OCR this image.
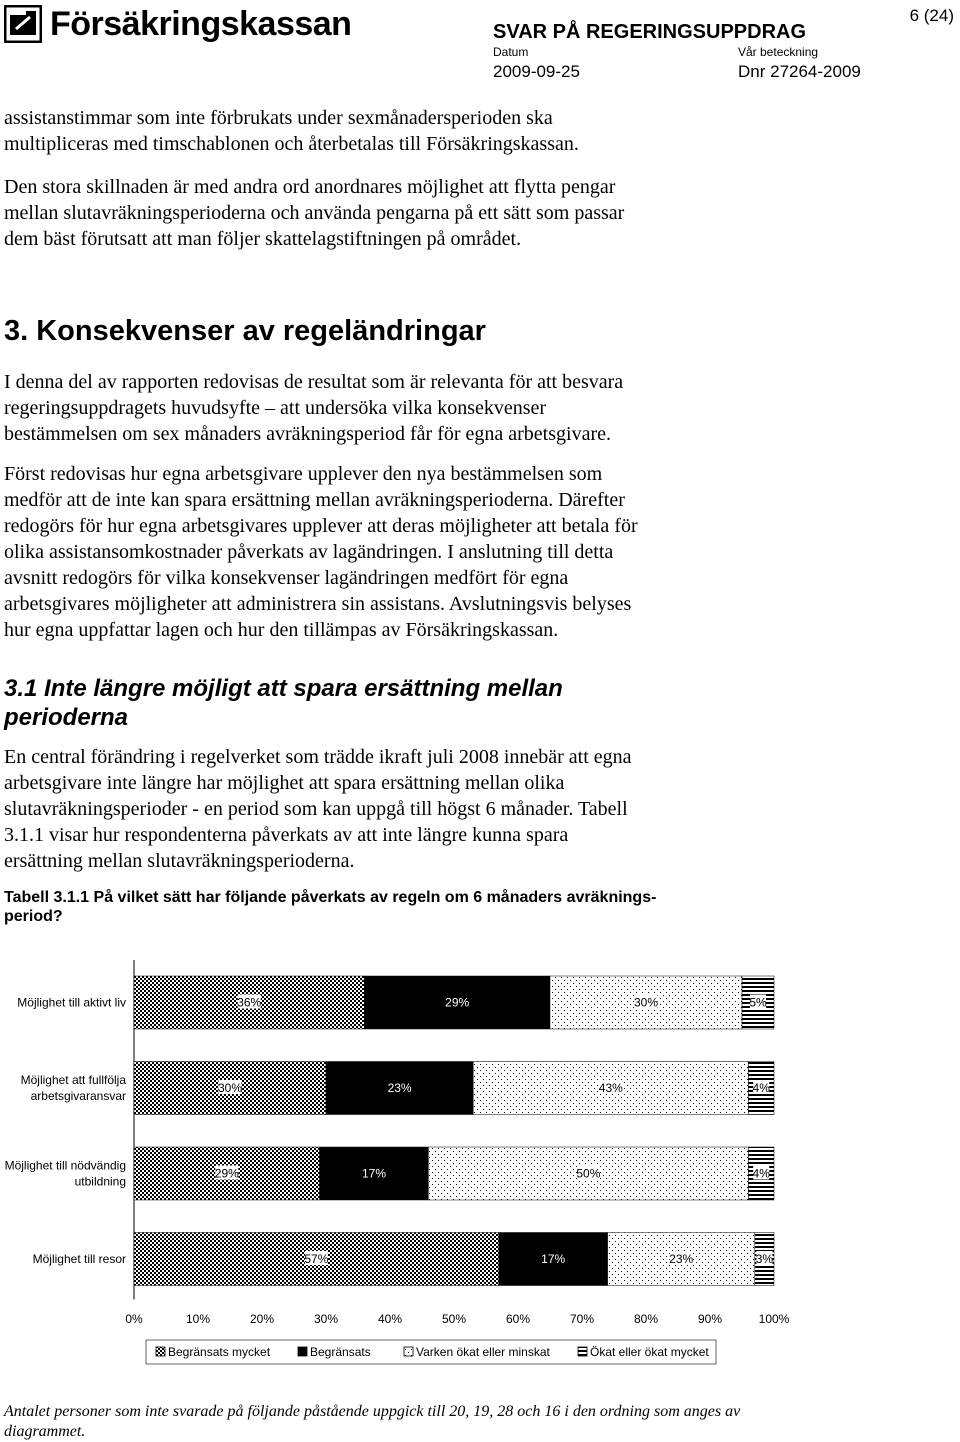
Försäkringskassan	SVAR PÅ REGERINGSUPPDRAG
Datum
2009-09-25
Vår beteckning
Dnr 27264-2009
6 (24)
assistanstimmar som inte förbrukats under sexmånadersperioden ska
multipliceras med timschablonen och återbetalas till Försäkringskassan.
Den stora skillnaden är med andra ord anordnares möjlighet att flytta pengar
mellan slutavräkningsperioderna och använda pengarna på ett sätt som passar
dem bäst förutsatt att man följer skattelagstiftningen på området.
3. Konsekvenser av regeländringar
I denna del av rapporten redovisas de resultat som är relevanta för att besvara
regeringsuppdragets huvudsyfte – att undersöka vilka konsekvenser
bestämmelsen om sex månaders avräkningsperiod får för egna arbetsgivare.
Först redovisas hur egna arbetsgivare upplever den nya bestämmelsen som
medför att de inte kan spara ersättning mellan avräkningsperioderna. Därefter
redogörs för hur egna arbetsgivares upplever att deras möjligheter att betala för
olika assistansomkostnader påverkats av lagändringen. I anslutning till detta
avsnitt redogörs för vilka konsekvenser lagändringen medfört för egna
arbetsgivares möjligheter att administrera sin assistans. Avslutningsvis belyses
hur egna uppfattar lagen och hur den tillämpas av Försäkringskassan.
3.1 Inte längre möjligt att spara ersättning mellan
perioderna
En central förändring i regelverket som trädde ikraft juli 2008 innebär att egna
arbetsgivare inte längre har möjlighet att spara ersättning mellan olika
slutavräkningsperioder - en period som kan uppgå till högst 6 månader. Tabell
3.1.1 visar hur respondenterna påverkats av att inte längre kunna spara
ersättning mellan slutavräkningsperioderna.
Tabell 3.1.1 På vilket sätt har följande påverkats av regeln om 6 månaders avräknings-
period?
Möjlighet till aktivt liv	36%	29%	30%	5%
Möjlighet att fullfölja
arbetsgivaransvar
30%	23%	43%	4%
Möjlighet till nödvändig
utbildning
29%	17%	50%	4%
Möjlighet till resor	57%	17%	23%	3%
0%	10%	20%	30%	40%	50%	60%	70%	80%	90%	100%
Begränsats mycket	Begränsats	Varken ökat eller minskat	Ökat eller ökat mycket
Antalet personer som inte svarade på följande påstående uppgick till 20, 19, 28 och 16 i den ordning som anges av diagrammet.
